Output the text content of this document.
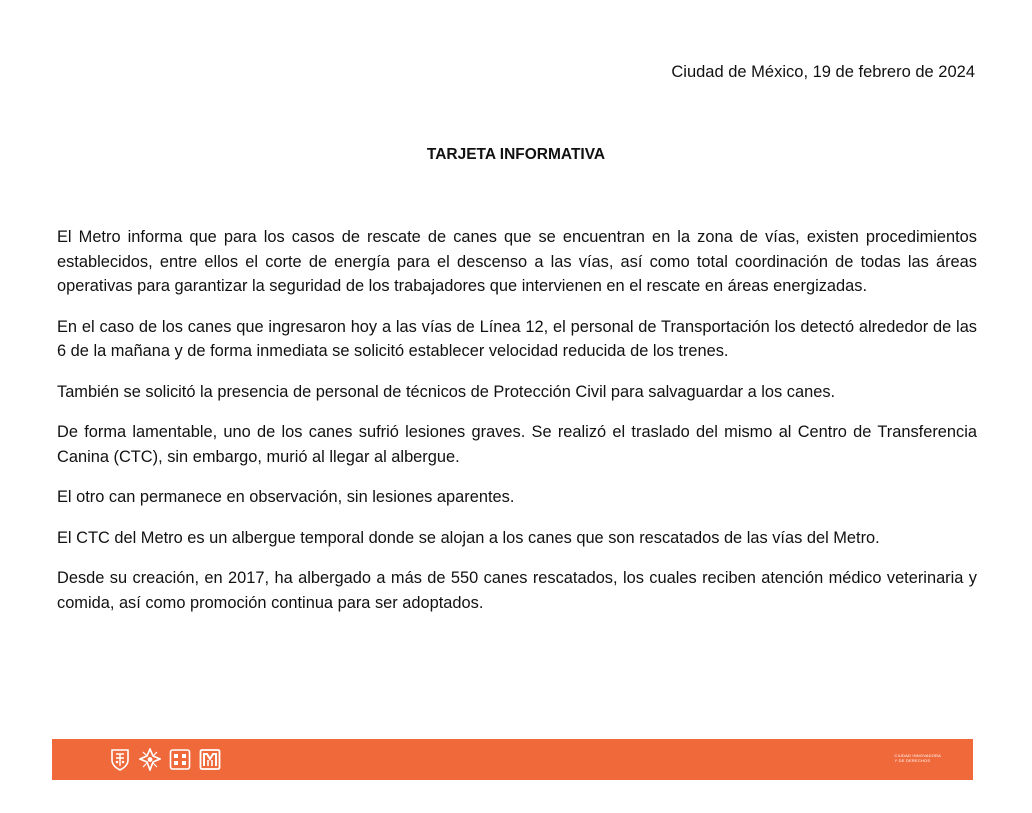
Ciudad de México, 19 de febrero de 2024
TARJETA INFORMATIVA

El Metro informa que para los casos de rescate de canes que se encuentran en la zona de vías, existen procedimientos establecidos, entre ellos el corte de energía para el descenso a las vías, así como total coordinación de todas las áreas operativas para garantizar la seguridad de los trabajadores que intervienen en el rescate en áreas energizadas.

En el caso de los canes que ingresaron hoy a las vías de Línea 12, el personal de Transportación los detectó alrededor de las 6 de la mañana y de forma inmediata se solicitó establecer velocidad reducida de los trenes.

También se solicitó la presencia de personal de técnicos de Protección Civil para salvaguardar a los canes.

De forma lamentable, uno de los canes sufrió lesiones graves. Se realizó el traslado del mismo al Centro de Transferencia Canina (CTC), sin embargo, murió al llegar al albergue.

El otro can permanece en observación, sin lesiones aparentes.

El CTC del Metro es un albergue temporal donde se alojan a los canes que son rescatados de las vías del Metro.

Desde su creación, en 2017, ha albergado a más de 550 canes rescatados, los cuales reciben atención médico veterinaria y comida, así como promoción continua para ser adoptados.

CIUDAD INNOVADORA
Y DE DERECHOS
